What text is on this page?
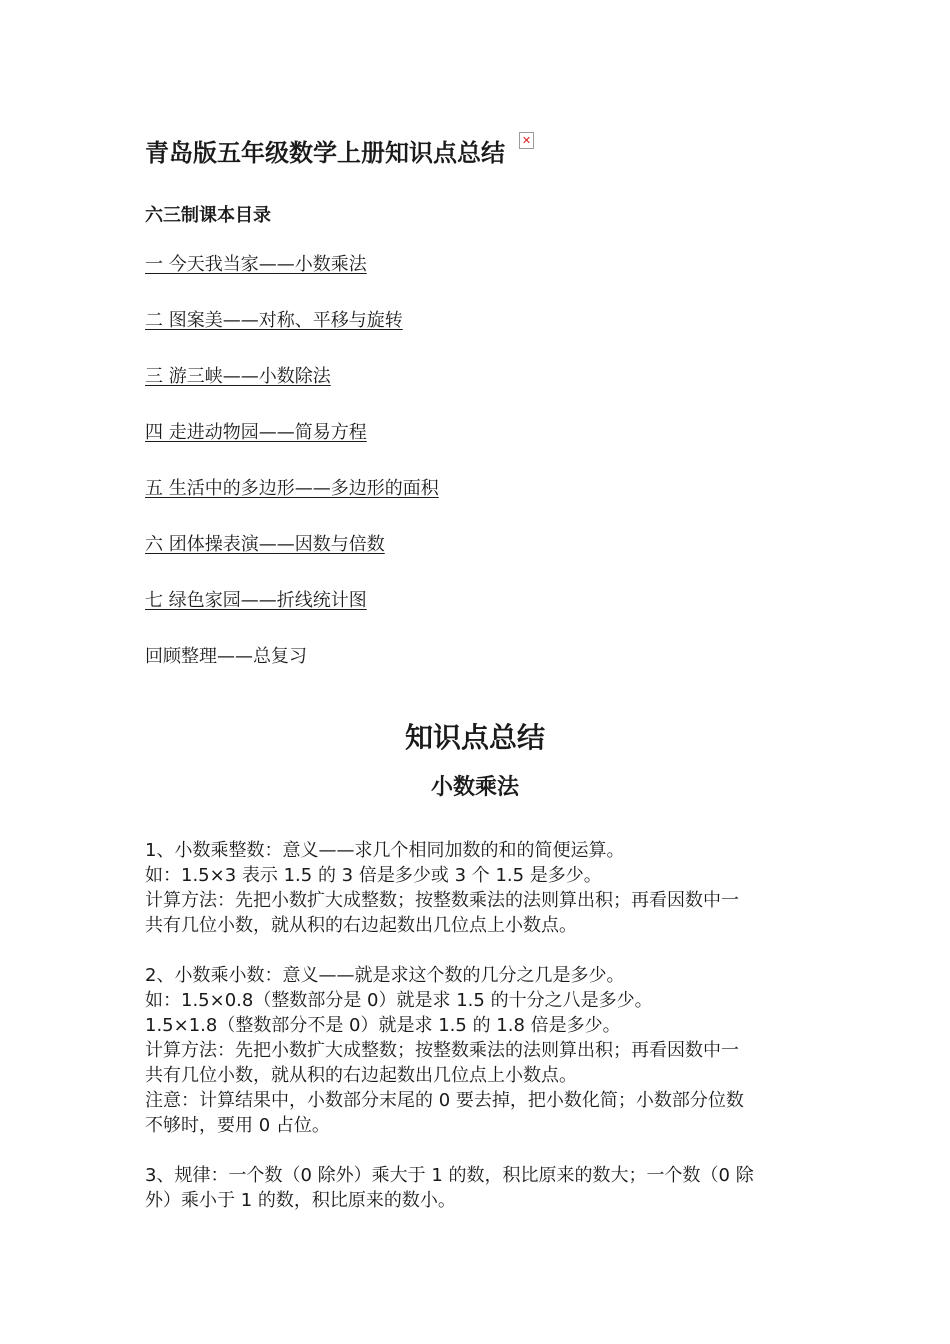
青岛版五年级数学上册知识点总结 ✕
六三制课本目录
一 今天我当家——小数乘法
二 图案美——对称、平移与旋转
三 游三峡——小数除法
四 走进动物园——简易方程
五 生活中的多边形——多边形的面积
六 团体操表演——因数与倍数
七 绿色家园——折线统计图
回顾整理——总复习
知识点总结
小数乘法

1、小数乘整数：意义——求几个相同加数的和的简便运算。

如：1.5×3 表示 1.5 的 3 倍是多少或 3 个 1.5 是多少。

计算方法：先把小数扩大成整数；按整数乘法的法则算出积；再看因数中一

共有几位小数，就从积的右边起数出几位点上小数点。

2、小数乘小数：意义——就是求这个数的几分之几是多少。

如：1.5×0.8（整数部分是 0）就是求 1.5 的十分之八是多少。

1.5×1.8（整数部分不是 0）就是求 1.5 的 1.8 倍是多少。

计算方法：先把小数扩大成整数；按整数乘法的法则算出积；再看因数中一

共有几位小数，就从积的右边起数出几位点上小数点。

注意：计算结果中，小数部分末尾的 0 要去掉，把小数化简；小数部分位数

不够时，要用 0 占位。

3、规律：一个数（0 除外）乘大于 1 的数，积比原来的数大；一个数（0 除

外）乘小于 1 的数，积比原来的数小。
